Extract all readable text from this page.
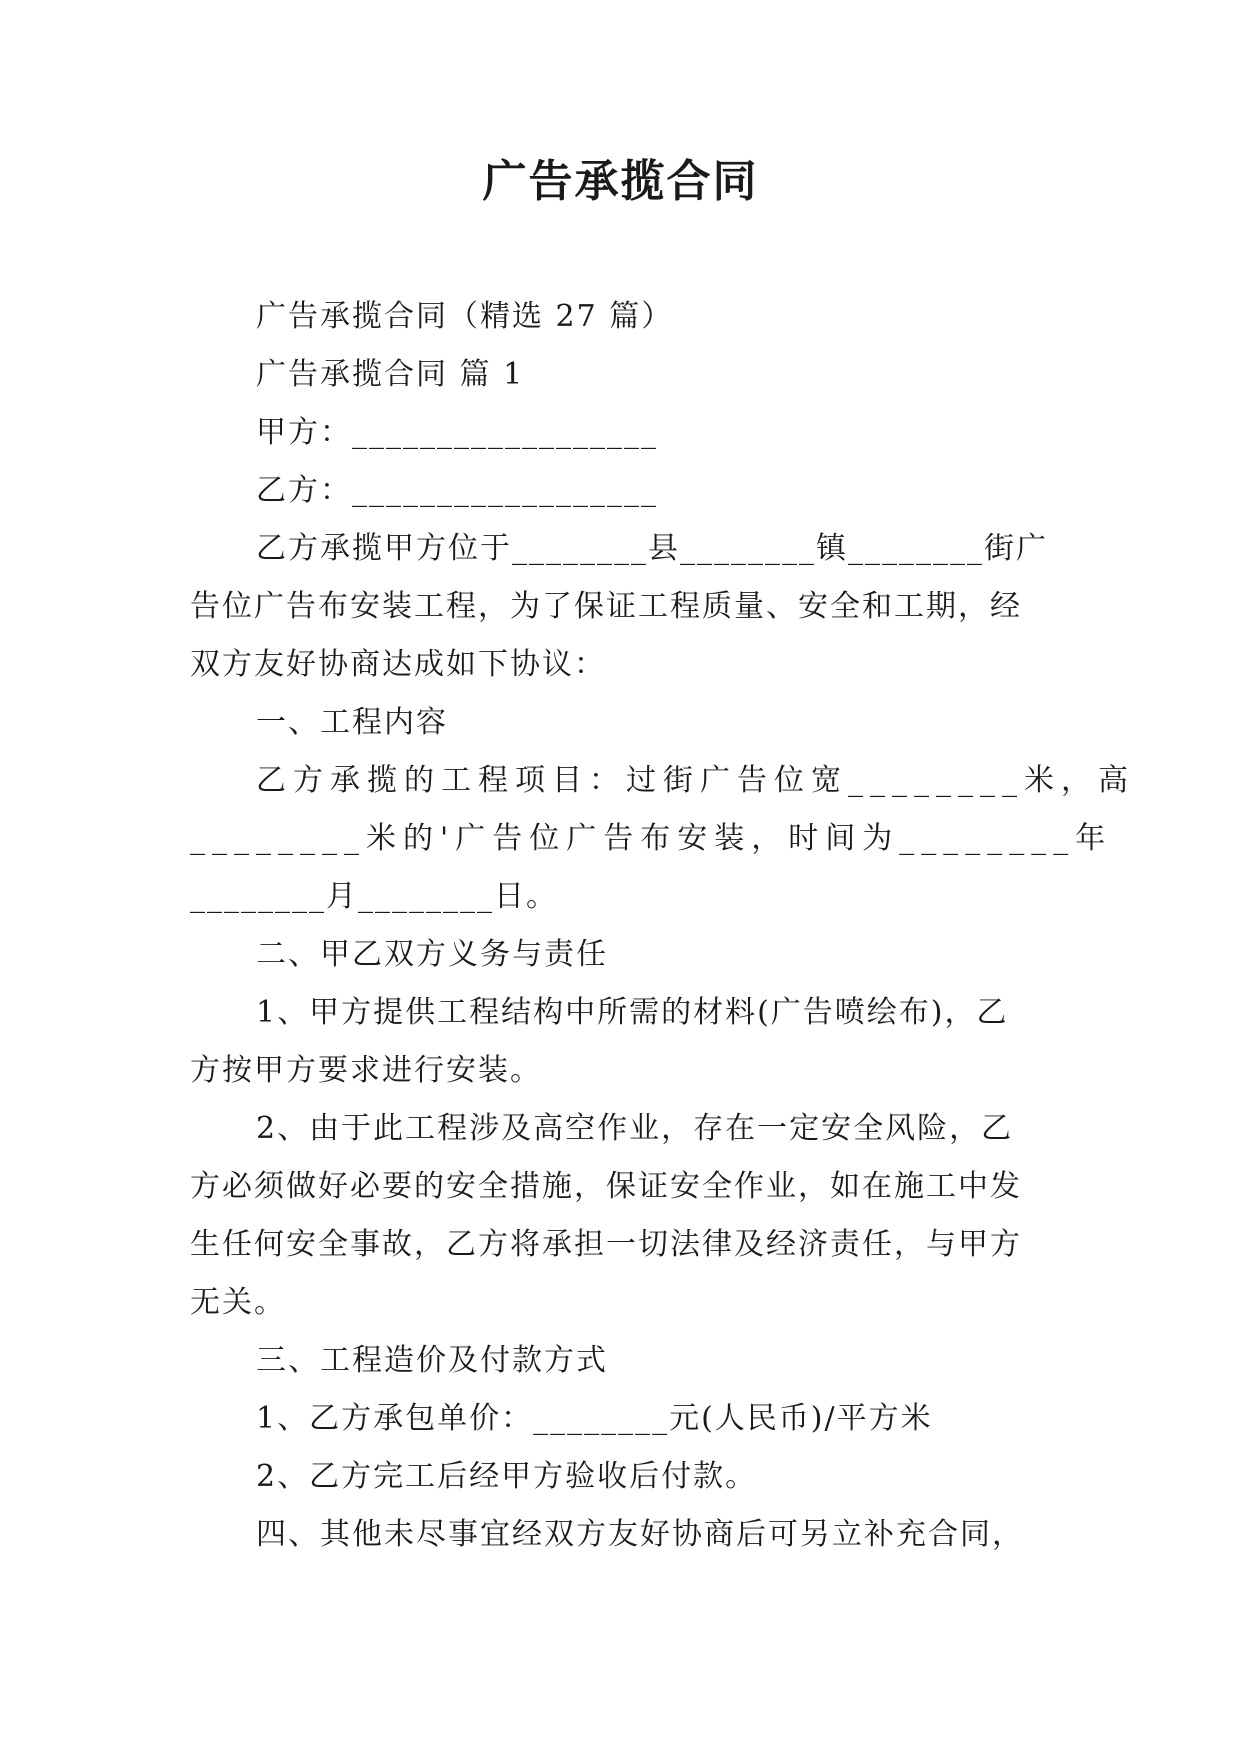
广告承揽合同
广告承揽合同（精选 27 篇）
广告承揽合同 篇 1
甲方：__________________
乙方：__________________
乙方承揽甲方位于________县________镇________街广
告位广告布安装工程，为了保证工程质量、安全和工期，经
双方友好协商达成如下协议：
一、工程内容
乙方承揽的工程项目：过街广告位宽________米，高
________米的'广告位广告布安装，时间为________年
________月________日。
二、甲乙双方义务与责任
1、甲方提供工程结构中所需的材料(广告喷绘布)，乙
方按甲方要求进行安装。
2、由于此工程涉及高空作业，存在一定安全风险，乙
方必须做好必要的安全措施，保证安全作业，如在施工中发
生任何安全事故，乙方将承担一切法律及经济责任，与甲方
无关。
三、工程造价及付款方式
1、乙方承包单价：________元(人民币)/平方米
2、乙方完工后经甲方验收后付款。
四、其他未尽事宜经双方友好协商后可另立补充合同，
